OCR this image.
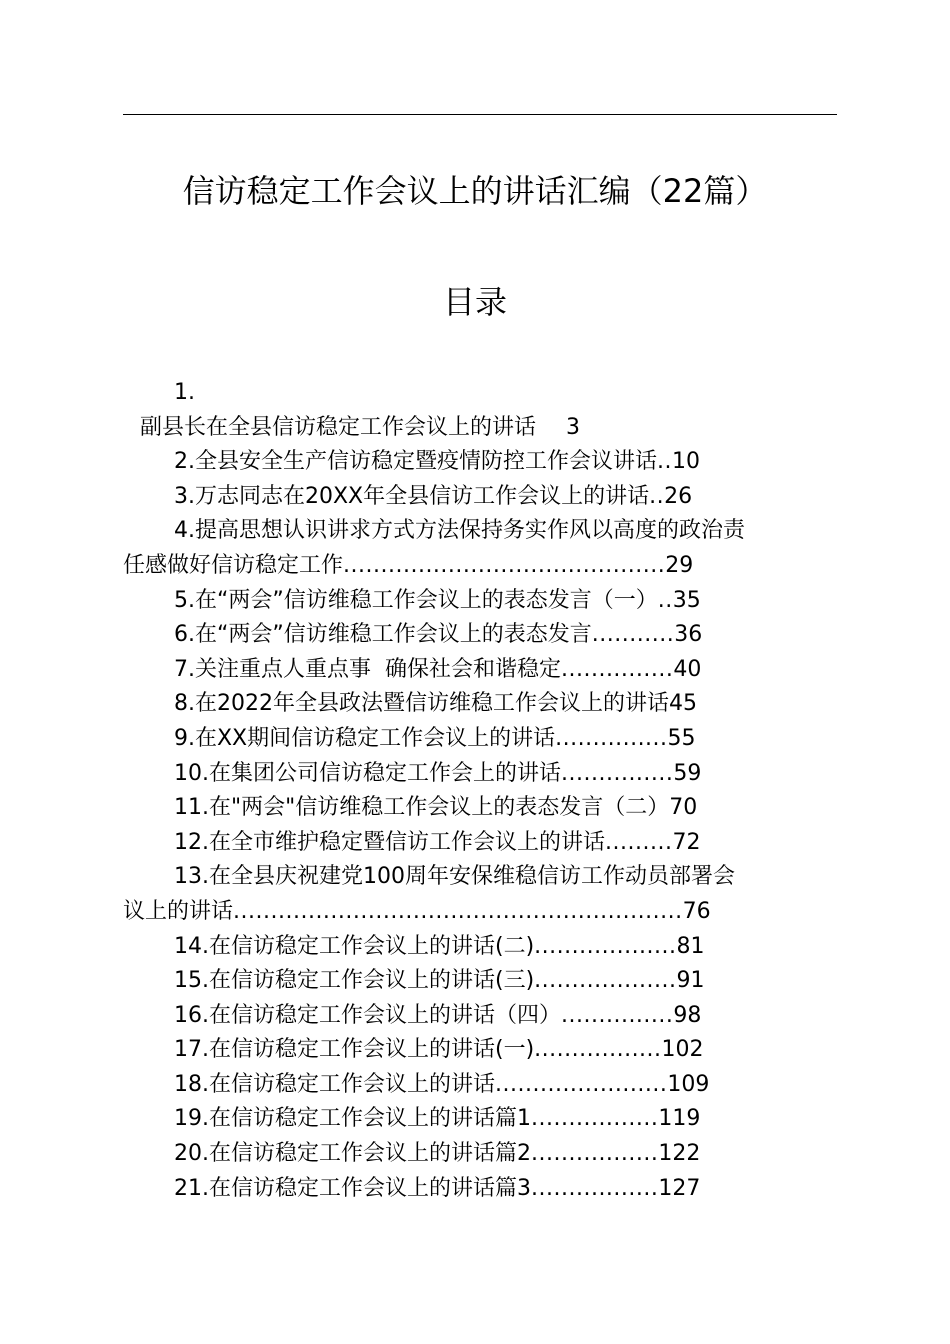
信访稳定工作会议上的讲话汇编（22篇）
目录
1.
副县长在全县信访稳定工作会议上的讲话 3
2.全县安全生产信访稳定暨疫情防控工作会议讲话..10
3.万志同志在20XX年全县信访工作会议上的讲话..26
4.提高思想认识讲求方式方法保持务实作风以高度的政治责
任感做好信访稳定工作...........................................29
5.在“两会”信访维稳工作会议上的表态发言（一）..35
6.在“两会”信访维稳工作会议上的表态发言...........36
7.关注重点人重点事  确保社会和谐稳定...............40
8.在2022年全县政法暨信访维稳工作会议上的讲话45
9.在XX期间信访稳定工作会议上的讲话...............55
10.在集团公司信访稳定工作会上的讲话...............59
11.在"两会"信访维稳工作会议上的表态发言（二）70
12.在全市维护稳定暨信访工作会议上的讲话.........72
13.在全县庆祝建党100周年安保维稳信访工作动员部署会
议上的讲话............................................................76
14.在信访稳定工作会议上的讲话(二)...................81
15.在信访稳定工作会议上的讲话(三)...................91
16.在信访稳定工作会议上的讲话（四）...............98
17.在信访稳定工作会议上的讲话(一).................102
18.在信访稳定工作会议上的讲话.......................109
19.在信访稳定工作会议上的讲话篇1.................119
20.在信访稳定工作会议上的讲话篇2.................122
21.在信访稳定工作会议上的讲话篇3.................127
